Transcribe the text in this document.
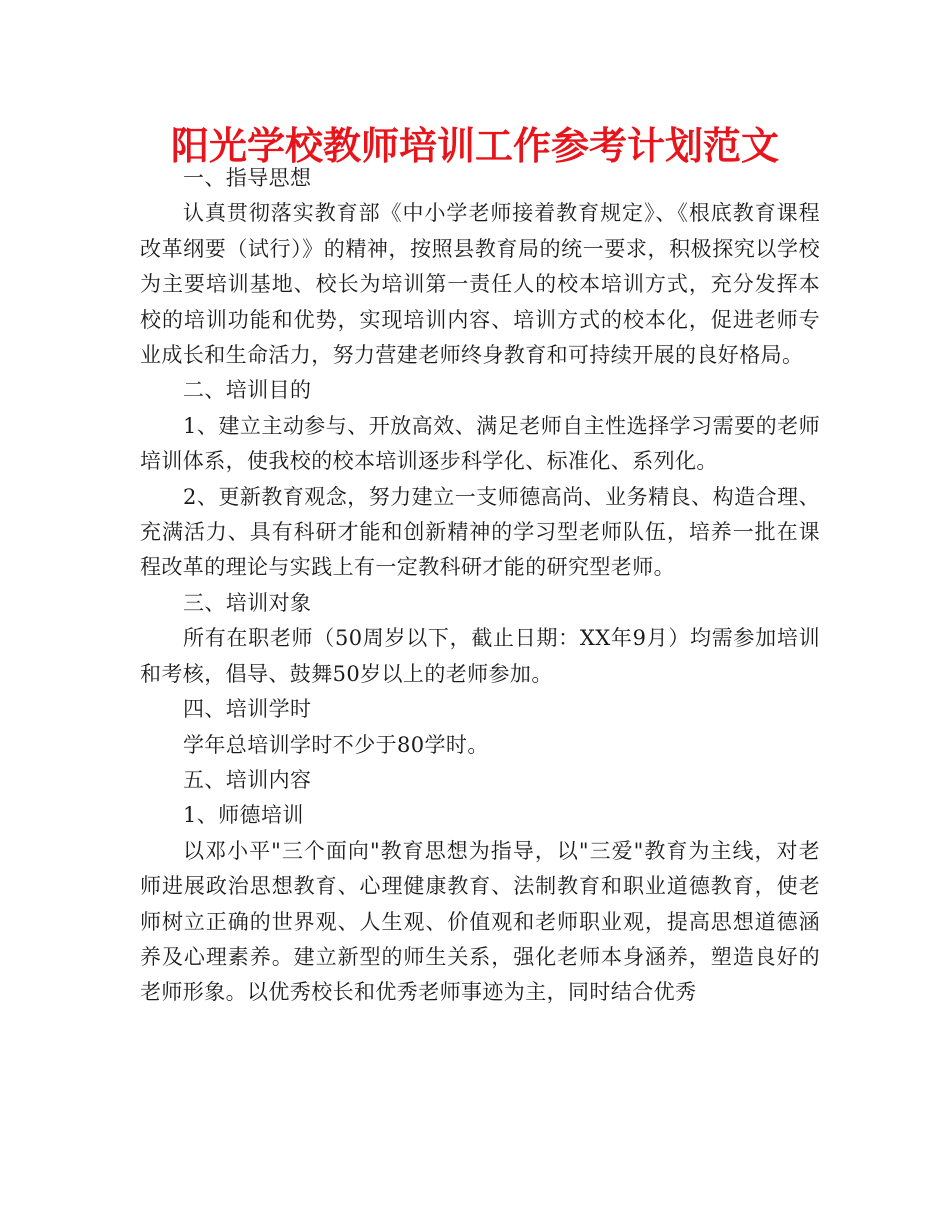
阳光学校教师培训工作参考计划范文

一、指导思想

认真贯彻落实教育部《中小学老师接着教育规定》、《根底教育课程改革纲要（试行）》的精神，按照县教育局的统一要求，积极探究以学校为主要培训基地、校长为培训第一责任人的校本培训方式，充分发挥本校的培训功能和优势，实现培训内容、培训方式的校本化，促进老师专业成长和生命活力，努力营建老师终身教育和可持续开展的良好格局。

二、培训目的

1、建立主动参与、开放高效、满足老师自主性选择学习需要的老师培训体系，使我校的校本培训逐步科学化、标准化、系列化。

2、更新教育观念，努力建立一支师德高尚、业务精良、构造合理、充满活力、具有科研才能和创新精神的学习型老师队伍，培养一批在课程改革的理论与实践上有一定教科研才能的研究型老师。

三、培训对象

所有在职老师（50周岁以下，截止日期：XX年9月）均需参加培训和考核，倡导、鼓舞50岁以上的老师参加。

四、培训学时

学年总培训学时不少于80学时。

五、培训内容

1、师德培训

以邓小平"三个面向"教育思想为指导，以"三爱"教育为主线，对老师进展政治思想教育、心理健康教育、法制教育和职业道德教育，使老师树立正确的世界观、人生观、价值观和老师职业观，提高思想道德涵养及心理素养。建立新型的师生关系，强化老师本身涵养，塑造良好的老师形象。以优秀校长和优秀老师事迹为主，同时结合优秀
